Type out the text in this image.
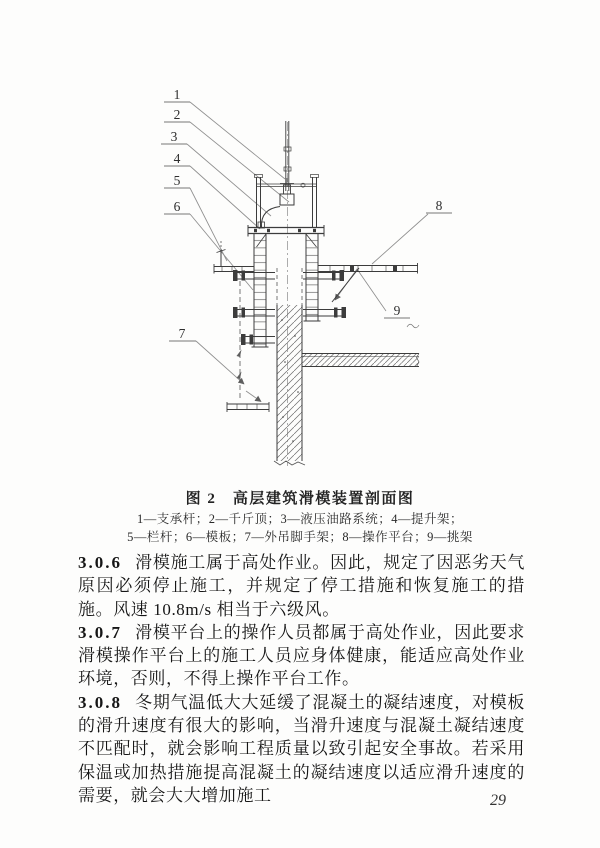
1
2
3
4
5
6
7
8
9
图 2　高层建筑滑模装置剖面图
1—支承杆；2—千斤顶；3—液压油路系统；4—提升架；
5—栏杆；6—模板；7—外吊脚手架；8—操作平台；9—挑架

3.0.6 滑模施工属于高处作业。因此，规定了因恶劣天气原因必须停止施工，并规定了停工措施和恢复施工的措施。风速 10.8m/s 相当于六级风。

3.0.7 滑模平台上的操作人员都属于高处作业，因此要求滑模操作平台上的施工人员应身体健康，能适应高处作业环境，否则，不得上操作平台工作。

3.0.8 冬期气温低大大延缓了混凝土的凝结速度，对模板的滑升速度有很大的影响，当滑升速度与混凝土凝结速度不匹配时，就会影响工程质量以致引起安全事故。若采用保温或加热措施提高混凝土的凝结速度以适应滑升速度的需要，就会大大增加施工	29
